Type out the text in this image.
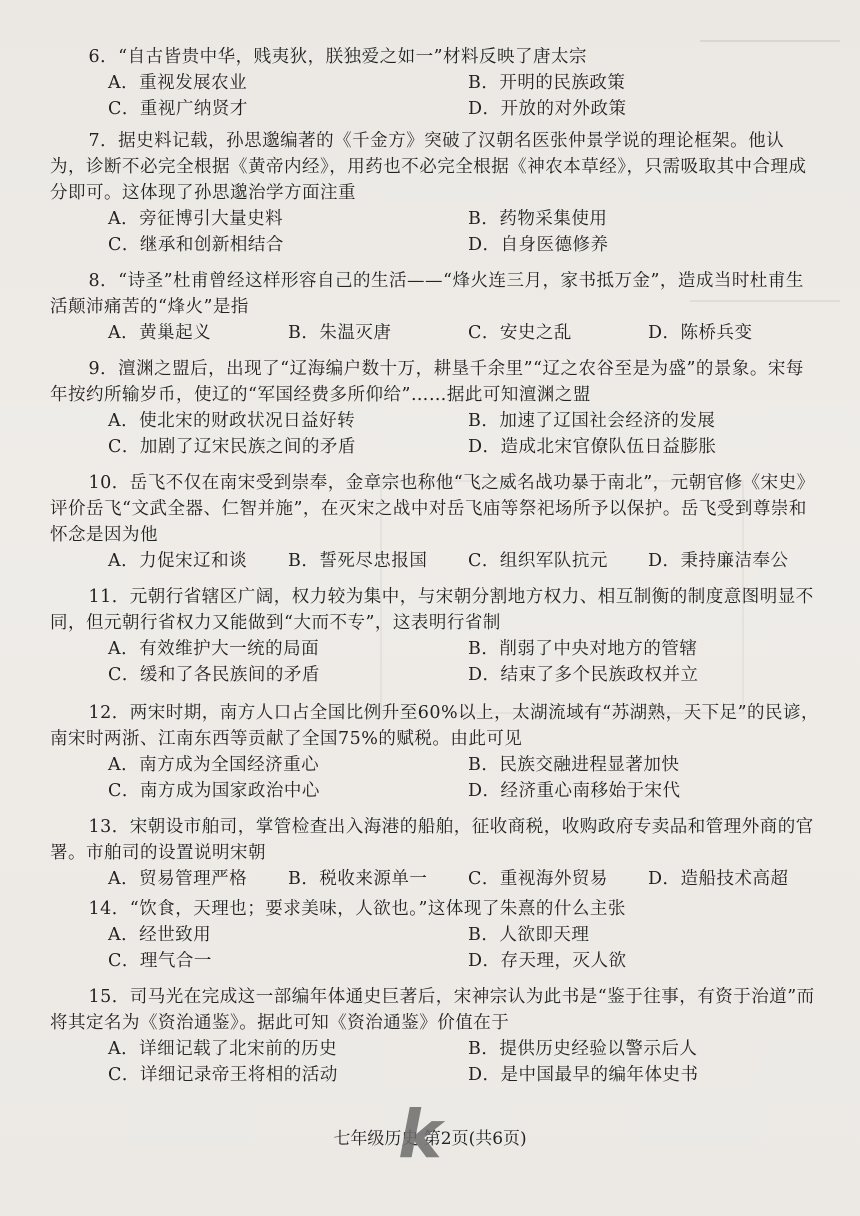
6．“自古皆贵中华，贱夷狄，朕独爱之如一”材料反映了唐太宗

A．重视发展农业	B．开明的民族政策
C．重视广纳贤才	D．开放的对外政策

7．据史料记载，孙思邈编著的《千金方》突破了汉朝名医张仲景学说的理论框架。他认为，诊断不必完全根据《黄帝内经》，用药也不必完全根据《神农本草经》，只需吸取其中合理成分即可。这体现了孙思邈治学方面注重

A．旁征博引大量史料	B．药物采集使用
C．继承和创新相结合	D．自身医德修养

8．“诗圣”杜甫曾经这样形容自己的生活——“烽火连三月，家书抵万金”，造成当时杜甫生活颠沛痛苦的“烽火”是指

A．黄巢起义	B．朱温灭唐	C．安史之乱	D．陈桥兵变

9．澶渊之盟后，出现了“辽海编户数十万，耕垦千余里”“辽之农谷至是为盛”的景象。宋每年按约所输岁币，使辽的“军国经费多所仰给”……据此可知澶渊之盟

A．使北宋的财政状况日益好转	B．加速了辽国社会经济的发展
C．加剧了辽宋民族之间的矛盾	D．造成北宋官僚队伍日益膨胀

10．岳飞不仅在南宋受到崇奉，金章宗也称他“飞之威名战功暴于南北”，元朝官修《宋史》评价岳飞“文武全器、仁智并施”，在灭宋之战中对岳飞庙等祭祀场所予以保护。岳飞受到尊崇和怀念是因为他

A．力促宋辽和谈	B．誓死尽忠报国	C．组织军队抗元	D．秉持廉洁奉公

11．元朝行省辖区广阔，权力较为集中，与宋朝分割地方权力、相互制衡的制度意图明显不同，但元朝行省权力又能做到“大而不专”，这表明行省制

A．有效维护大一统的局面	B．削弱了中央对地方的管辖
C．缓和了各民族间的矛盾	D．结束了多个民族政权并立

12．两宋时期，南方人口占全国比例升至60%以上，太湖流域有“苏湖熟，天下足”的民谚，南宋时两浙、江南东西等贡献了全国75%的赋税。由此可见

A．南方成为全国经济重心	B．民族交融进程显著加快
C．南方成为国家政治中心	D．经济重心南移始于宋代

13．宋朝设市舶司，掌管检查出入海港的船舶，征收商税，收购政府专卖品和管理外商的官署。市舶司的设置说明宋朝

A．贸易管理严格	B．税收来源单一	C．重视海外贸易	D．造船技术高超

14．“饮食，天理也；要求美味，人欲也。”这体现了朱熹的什么主张

A．经世致用	B．人欲即天理
C．理气合一	D．存天理，灭人欲

15．司马光在完成这一部编年体通史巨著后，宋神宗认为此书是“鉴于往事，有资于治道”而将其定名为《资治通鉴》。据此可知《资治通鉴》价值在于

A．详细记载了北宋前的历史	B．提供历史经验以警示后人
C．详细记录帝王将相的活动	D．是中国最早的编年体史书
七年级历史 第2页(共6页)
k
